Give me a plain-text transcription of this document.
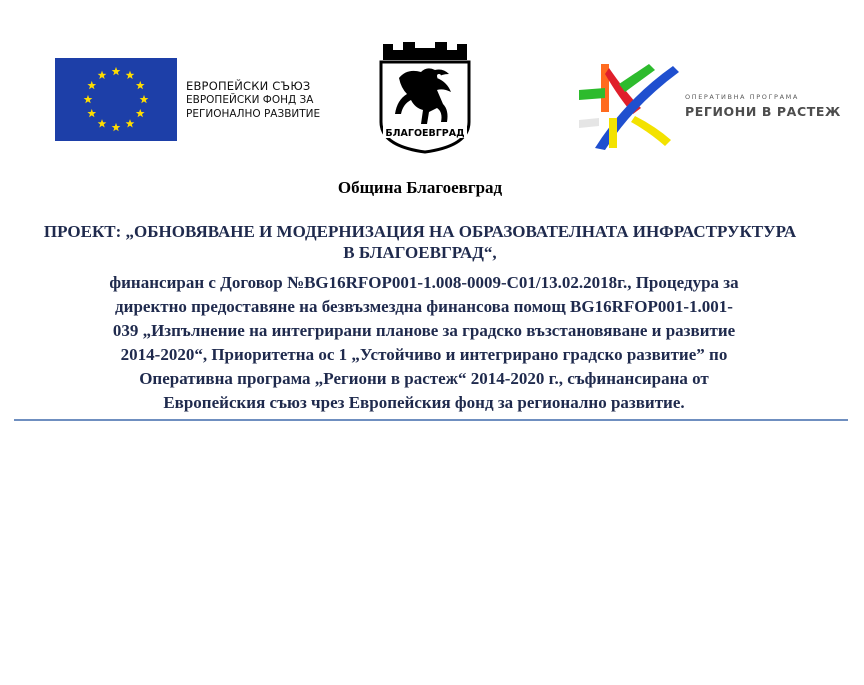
ЕВРОПЕЙСКИ СЪЮЗ
ЕВРОПЕЙСКИ ФОНД ЗА
РЕГИОНАЛНО РАЗВИТИЕ
БЛАГОЕВГРАД
ОПЕРАТИВНА ПРОГРАМА
РЕГИОНИ В РАСТЕЖ
Община Благоевград
ПРОЕКТ: „ОБНОВЯВАНЕ И МОДЕРНИЗАЦИЯ НА ОБРАЗОВАТЕЛНАТА ИНФРАСТРУКТУРА
В БЛАГОЕВГРАД“,
финансиран с Договор №BG16RFOP001-1.008-0009-C01/13.02.2018г., Процедура за
директно предоставяне на безвъзмездна финансова помощ BG16RFOP001-1.001-
039 „Изпълнение на интегрирани планове за градско възстановяване и развитие
2014-2020“, Приоритетна ос 1 „Устойчиво и интегрирано градско развитие” по
Оперативна програма „Региони в растеж“ 2014-2020 г., съфинансирана от
Европейския съюз чрез Европейския фонд за регионално развитие.
